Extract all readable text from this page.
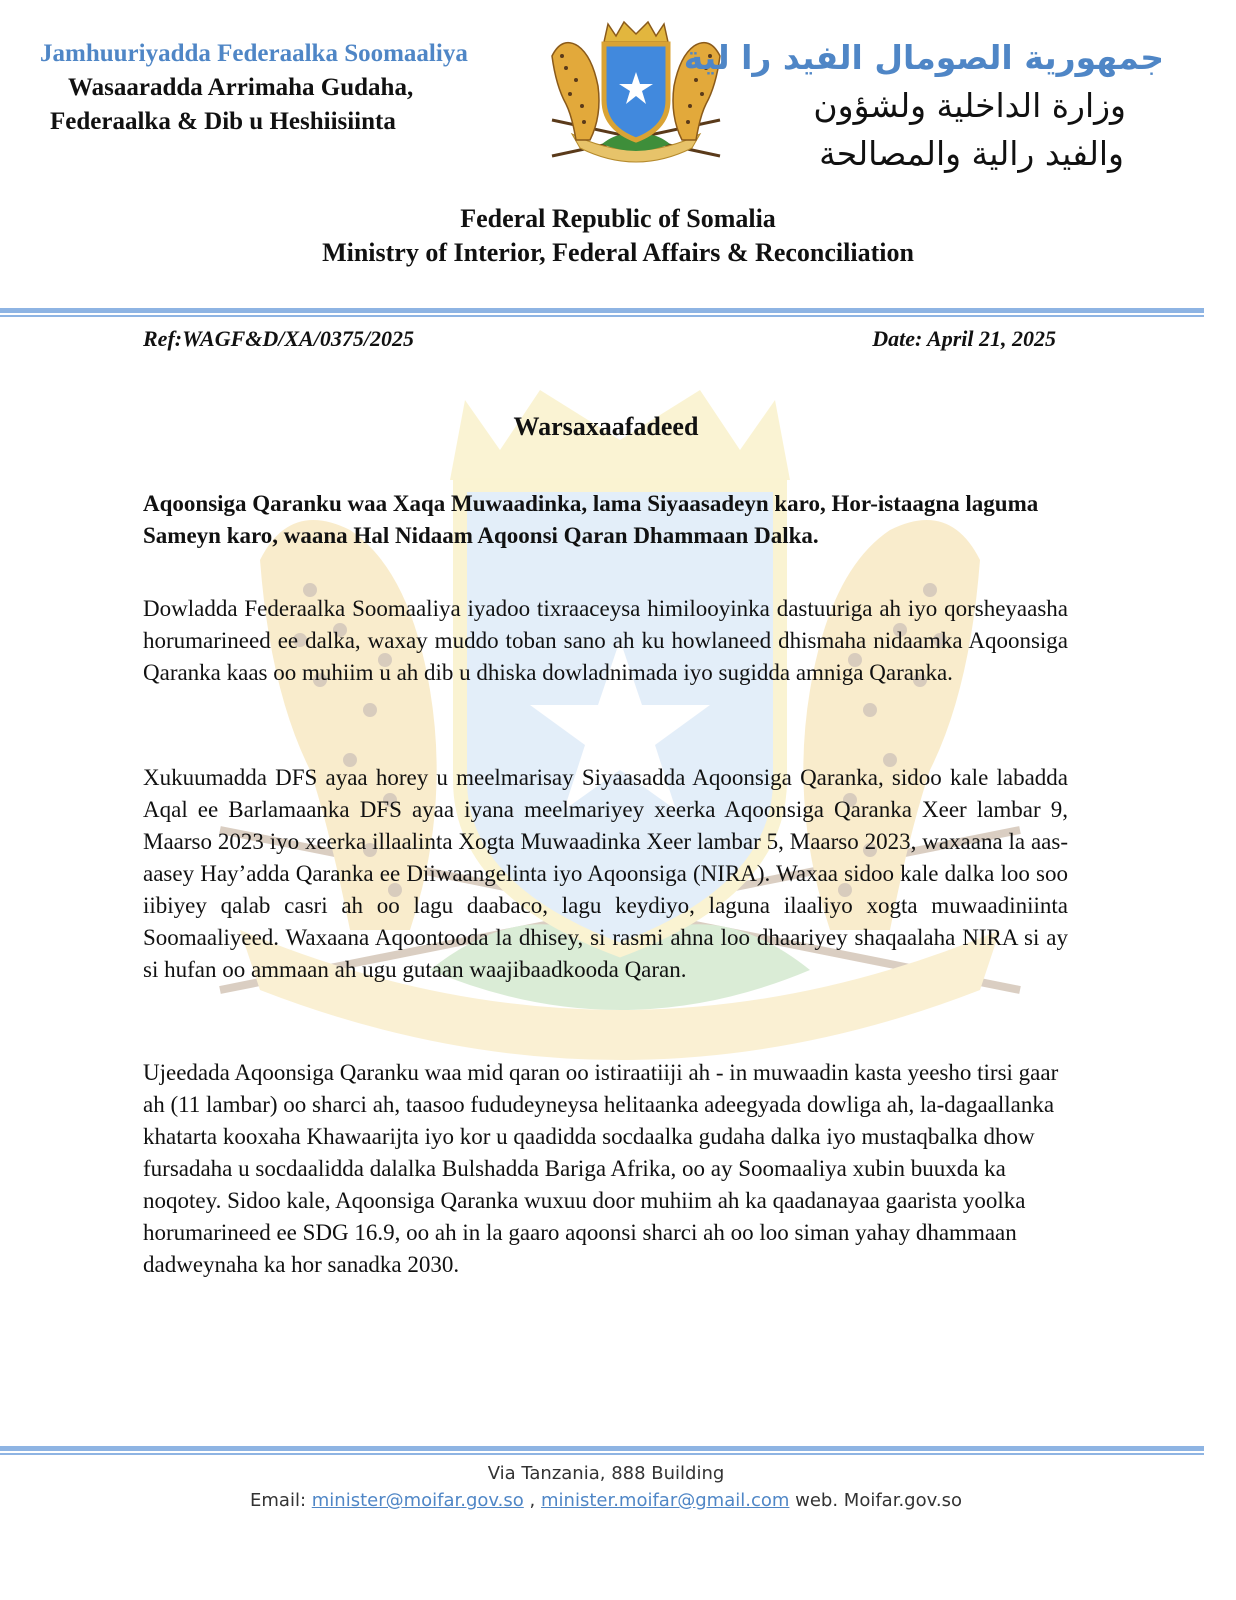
Jamhuuriyadda Federaalka Soomaaliya
Wasaaradda Arrimaha Gudaha,
Federaalka & Dib u Heshiisiinta
جمهورية الصومال الفيد را لية
وزارة الداخلية ولشؤون
والفيد رالية والمصالحة
Federal Republic of Somalia
Ministry of Interior, Federal Affairs & Reconciliation
Ref:WAGF&D/XA/0375/2025	Date: April 21, 2025
Warsaxaafadeed
Aqoonsiga Qaranku waa Xaqa Muwaadinka, lama Siyaasadeyn karo, Hor-istaagna laguma Sameyn karo, waana Hal Nidaam Aqoonsi Qaran Dhammaan Dalka.
Dowladda Federaalka Soomaaliya iyadoo tixraaceysa himilooyinka dastuuriga ah iyo qorsheyaasha horumarineed ee dalka, waxay muddo toban sano ah ku howlaneed dhismaha nidaamka Aqoonsiga Qaranka kaas oo muhiim u ah dib u dhiska dowladnimada iyo sugidda amniga Qaranka.
Xukuumadda DFS ayaa horey u meelmarisay Siyaasadda Aqoonsiga Qaranka, sidoo kale labadda Aqal ee Barlamaanka DFS ayaa iyana meelmariyey xeerka Aqoonsiga Qaranka Xeer lambar 9, Maarso 2023 iyo xeerka illaalinta Xogta Muwaadinka Xeer lambar 5, Maarso 2023, waxaana la aas-aasey Hay’adda Qaranka ee Diiwaangelinta iyo Aqoonsiga (NIRA). Waxaa sidoo kale dalka loo soo iibiyey qalab casri ah oo lagu daabaco, lagu keydiyo, laguna ilaaliyo xogta muwaadiniinta Soomaaliyeed. Waxaana Aqoontooda la dhisey, si rasmi ahna loo dhaariyey shaqaalaha NIRA si ay si hufan oo ammaan ah ugu gutaan waajibaadkooda Qaran.
Ujeedada Aqoonsiga Qaranku waa mid qaran oo istiraatiiji ah - in muwaadin kasta yeesho tirsi gaar ah (11 lambar) oo sharci ah, taasoo fududeyneysa helitaanka adeegyada dowliga ah, la-dagaallanka khatarta kooxaha Khawaarijta iyo kor u qaadidda socdaalka gudaha dalka iyo mustaqbalka dhow fursadaha u socdaalidda dalalka Bulshadda Bariga Afrika, oo ay Soomaaliya xubin buuxda ka noqotey. Sidoo kale, Aqoonsiga Qaranka wuxuu door muhiim ah ka qaadanayaa gaarista yoolka horumarineed ee SDG 16.9, oo ah in la gaaro aqoonsi sharci ah oo loo siman yahay dhammaan dadweynaha ka hor sanadka 2030.
Via Tanzania, 888 Building
Email: minister@moifar.gov.so , minister.moifar@gmail.com web. Moifar.gov.so
